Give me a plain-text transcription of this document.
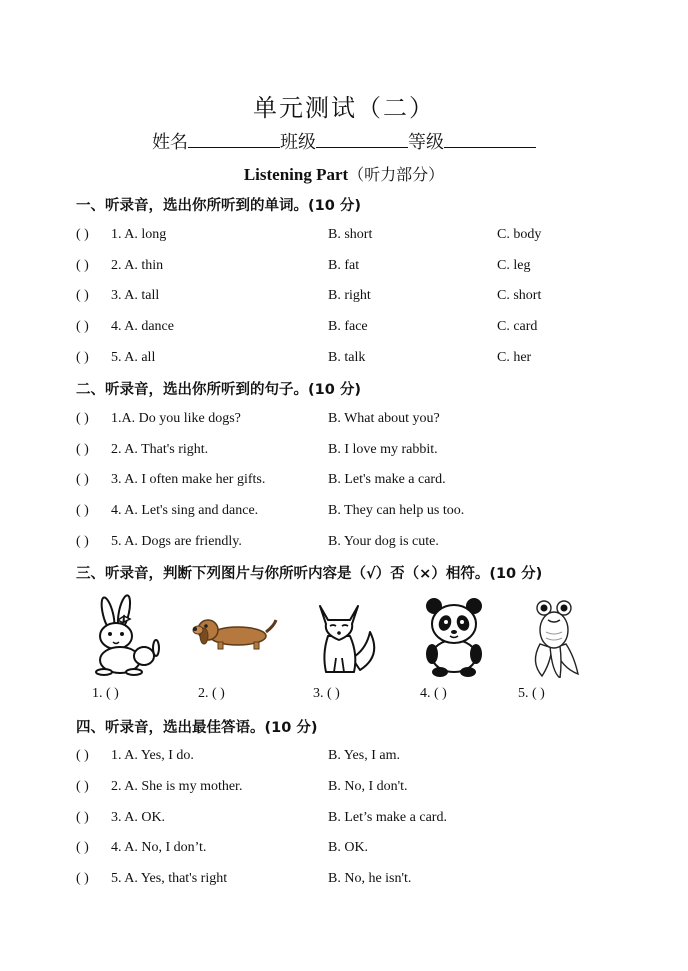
单元测试（二）
姓名	班级	等级
Listening Part（听力部分）
一、听录音，选出你所听到的单词。(10 分)
( ) 1. A. long	B. short	C. body
( ) 2. A. thin	B. fat	C. leg
( ) 3. A. tall	B. right	C. short
( ) 4. A. dance	B. face	C. card
( ) 5. A. all	B. talk	C. her
二、听录音，选出你所听到的句子。(10 分)
( ) 1.A. Do you like dogs?	B. What about you?
( ) 2. A. That's right.	B. I love my rabbit.
( ) 3. A. I often make her gifts.	B. Let's make a card.
( ) 4. A. Let's sing and dance.	B. They can help us too.
( ) 5. A. Dogs are friendly.	B. Your dog is cute.
三、听录音，判断下列图片与你所听内容是（√）否（×）相符。(10 分)
1. ( )	2. ( )	3. ( )	4. ( )	5. ( )
四、听录音，选出最佳答语。(10 分)
( ) 1. A. Yes, I do.	B. Yes, I am.
( ) 2. A. She is my mother.	B. No, I don't.
( ) 3. A. OK.	B. Let’s make a card.
( ) 4. A. No, I don’t.	B. OK.
( ) 5. A. Yes, that's right	B. No, he isn't.
